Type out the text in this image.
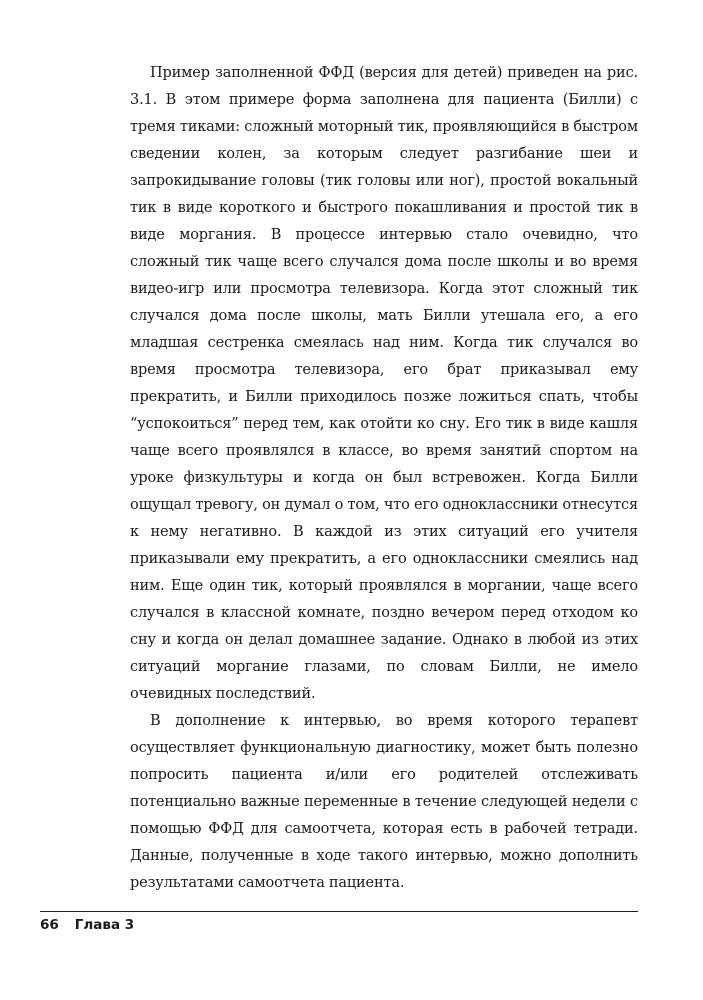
Пример заполненной ФФД (версия для детей) приведен на рис. 3.1. В этом примере форма заполнена для пациента (Билли) с тремя тиками: сложный моторный тик, проявляющийся в быстром сведении колен, за которым следует разгибание шеи и запрокидывание головы (тик головы или ног), простой вокальный тик в виде короткого и быстрого покашливания и простой тик в виде моргания. В процессе интервью стало очевидно, что сложный тик чаще всего случался дома после школы и во время видео-игр или просмотра телевизора. Когда этот сложный тик случался дома после школы, мать Билли утешала его, а его младшая сестренка смеялась над ним. Когда тик случался во время просмотра телевизора, его брат приказывал ему прекратить, и Билли приходилось позже ложиться спать, чтобы “успокоиться” перед тем, как отойти ко сну. Его тик в виде кашля чаще всего проявлялся в классе, во время занятий спортом на уроке физкультуры и когда он был встревожен. Когда Билли ощущал тревогу, он думал о том, что его одноклассники отнесутся к нему негативно. В каждой из этих ситуаций его учителя приказывали ему прекратить, а его одноклассники смеялись над ним. Еще один тик, который проявлялся в моргании, чаще всего случался в классной комнате, поздно вечером перед отходом ко сну и когда он делал домашнее задание. Однако в любой из этих ситуаций моргание глазами, по словам Билли, не имело очевидных последствий.

В дополнение к интервью, во время которого терапевт осуществляет функциональную диагностику, может быть полезно попросить пациента и/или его родителей отслеживать потенциально важные переменные в течение следующей недели с помощью ФФД для самоотчета, которая есть в рабочей тетради. Данные, полученные в ходе такого интервью, можно дополнить результатами самоотчета пациента.

66 Глава 3
